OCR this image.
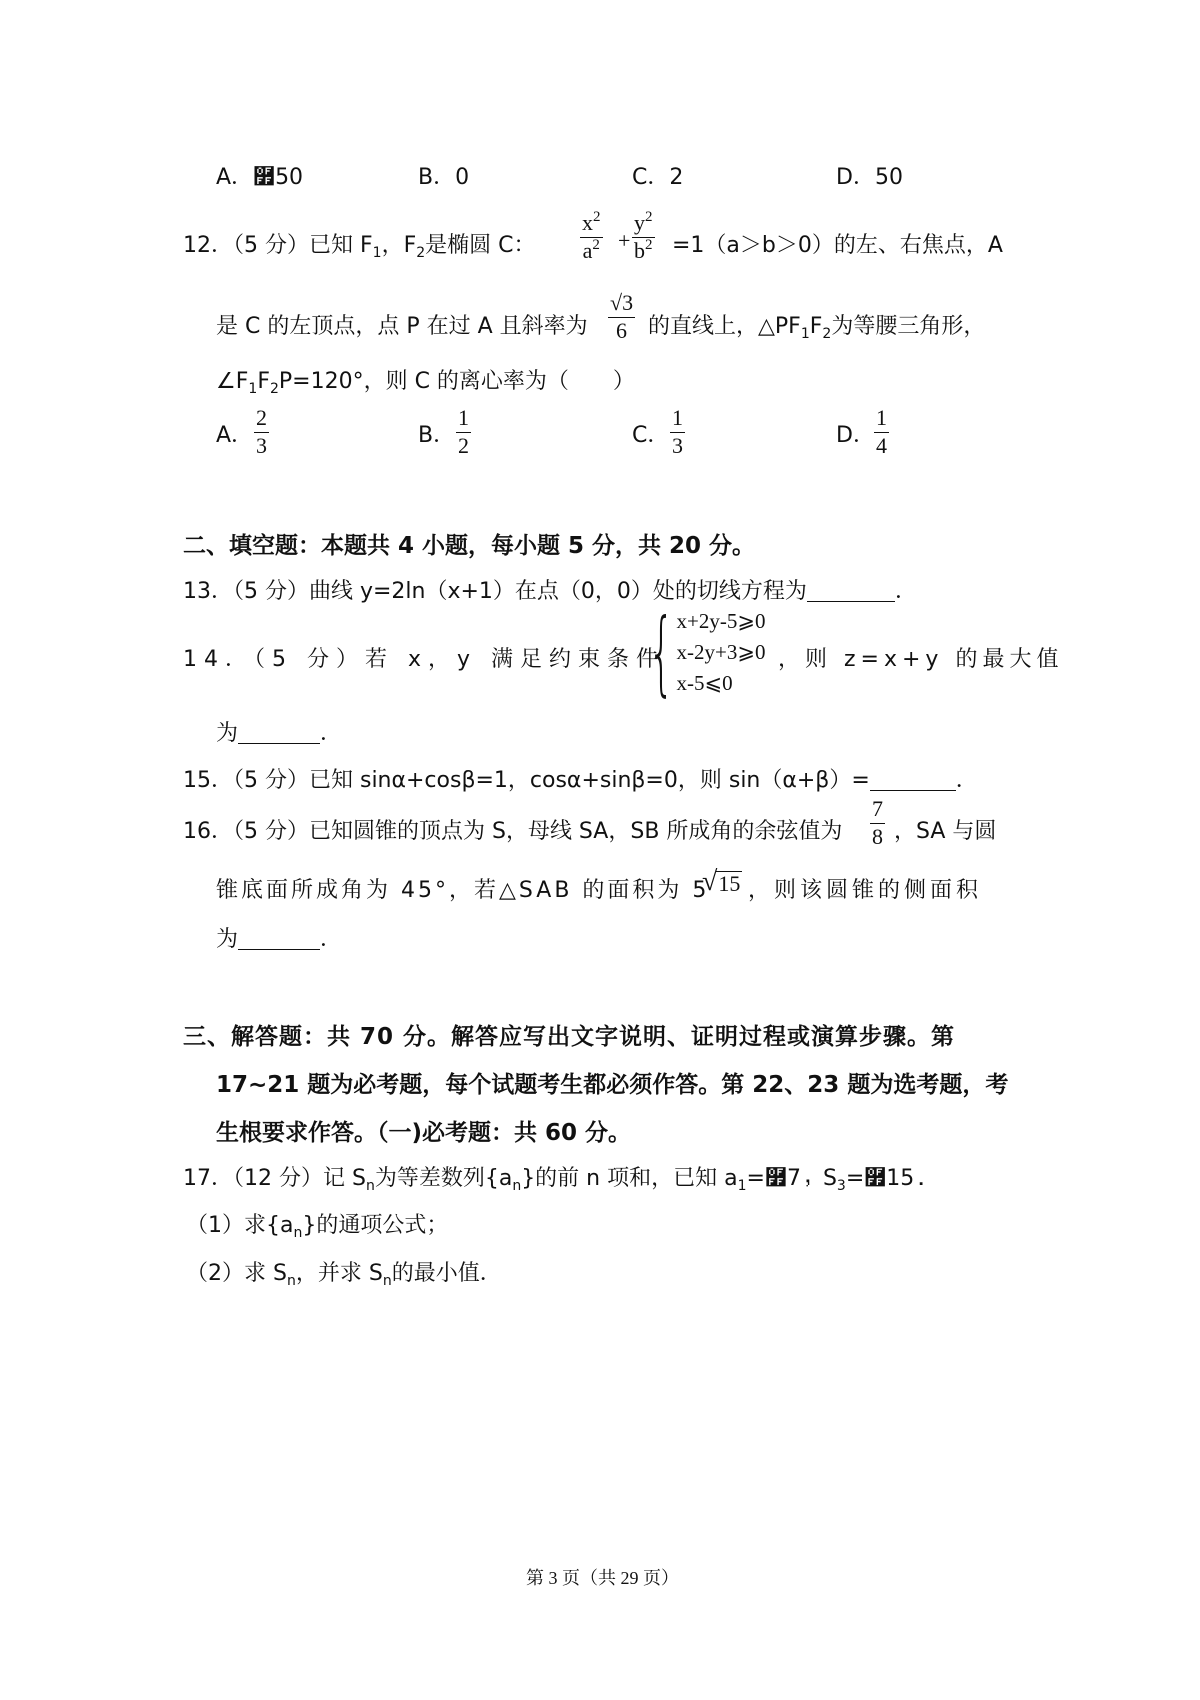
A．࿿50	B．0	C．2	D．50
12．（5 分）已知 $F_1$，$F_2$是椭圆 C：
$x^2$
$a^2$ +
$y^2$
$b^2 =1(a>b>0)$的左、右焦点，A
是 C 的左顶点，点 P 在过 A 且斜率为
√3
6 的直线上，$\triangle PF_1F_2$为等腰三角形，
$\angle F_1F_2P=120^\circ$，则 C 的离心率为（　　）
A．
2
3	B．
1
2	C．
1
3	D．
1
4
二、填空题：本题共 4 小题，每小题 5 分，共 20 分。
13．（5 分）曲线 y=2ln（x+1）在点（0，0）处的切线方程为	．
14．（5 分）若 x，y 满足约束条件
{ x+2y-5⩾0
x-2y+3⩾0
x-5⩽0
，则 z=x+y 的最大值
为	．
15．（5 分）已知 sinα+cosβ=1，cosα+sinβ=0，则 sin（α+β）=	．
16．（5 分）已知圆锥的顶点为 S，母线 SA，SB 所成角的余弦值为
7
8 ，SA 与圆
锥底面所成角为 45°，若△SAB 的面积为 5
√ 15 ，则该圆锥的侧面积
为	．
三、解答题：共 70 分。解答应写出文字说明、证明过程或演算步骤。第
17~21 题为必考题，每个试题考生都必须作答。第 22、23 题为选考题，考
生根要求作答。（一)必考题：共 60 分。
17．（12 分）记 $S_n$为等差数列$\{a_n\}$的前 n 项和，已知 $a_1=࿿7$，$S_3=࿿15$．
（1）求$\{a_n\}$的通项公式；
（2）求 $S_n$，并求 $S_n$的最小值．
第 3 页（共 29 页）
